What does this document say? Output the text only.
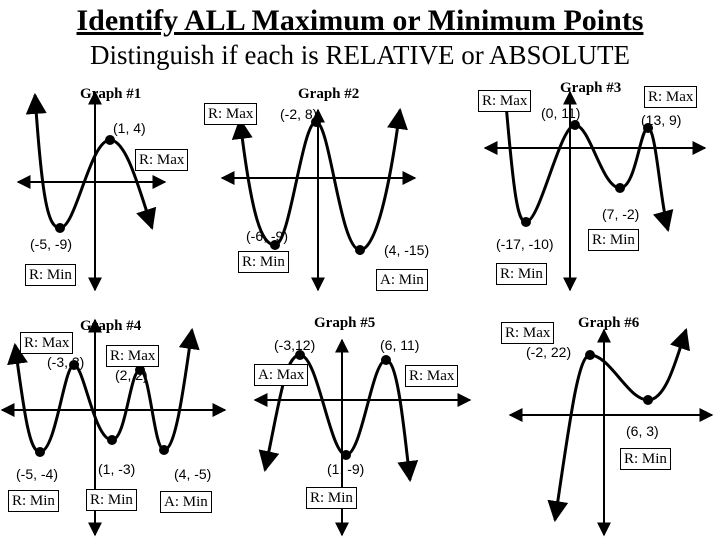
Identify ALL Maximum or Minimum Points
Distinguish if each is RELATIVE or ABSOLUTE
Graph #1	Graph #2	Graph #3
Graph #4	Graph #5	Graph #6
(1, 4)
R: Max
(-5, -9)
R: Min
R: Max (-2, 8)
(-6, -9)
R: Min
(4, -15)
A: Min
R: Max
(0, 11)
R: Max
(13, 9)
(7, -2)
R: Min
(-17, -10)
R: Min
R: Max
(-3, 3) R: Max
(2, 2)
(-5, -4)
R: Min
(1, -3)
R: Min
(4, -5)
A: Min
(-3,12)
A: Max
(6, 11)
R: Max
(1, -9)
R: Min
R: Max
(-2, 22)
(6, 3)
R: Min
